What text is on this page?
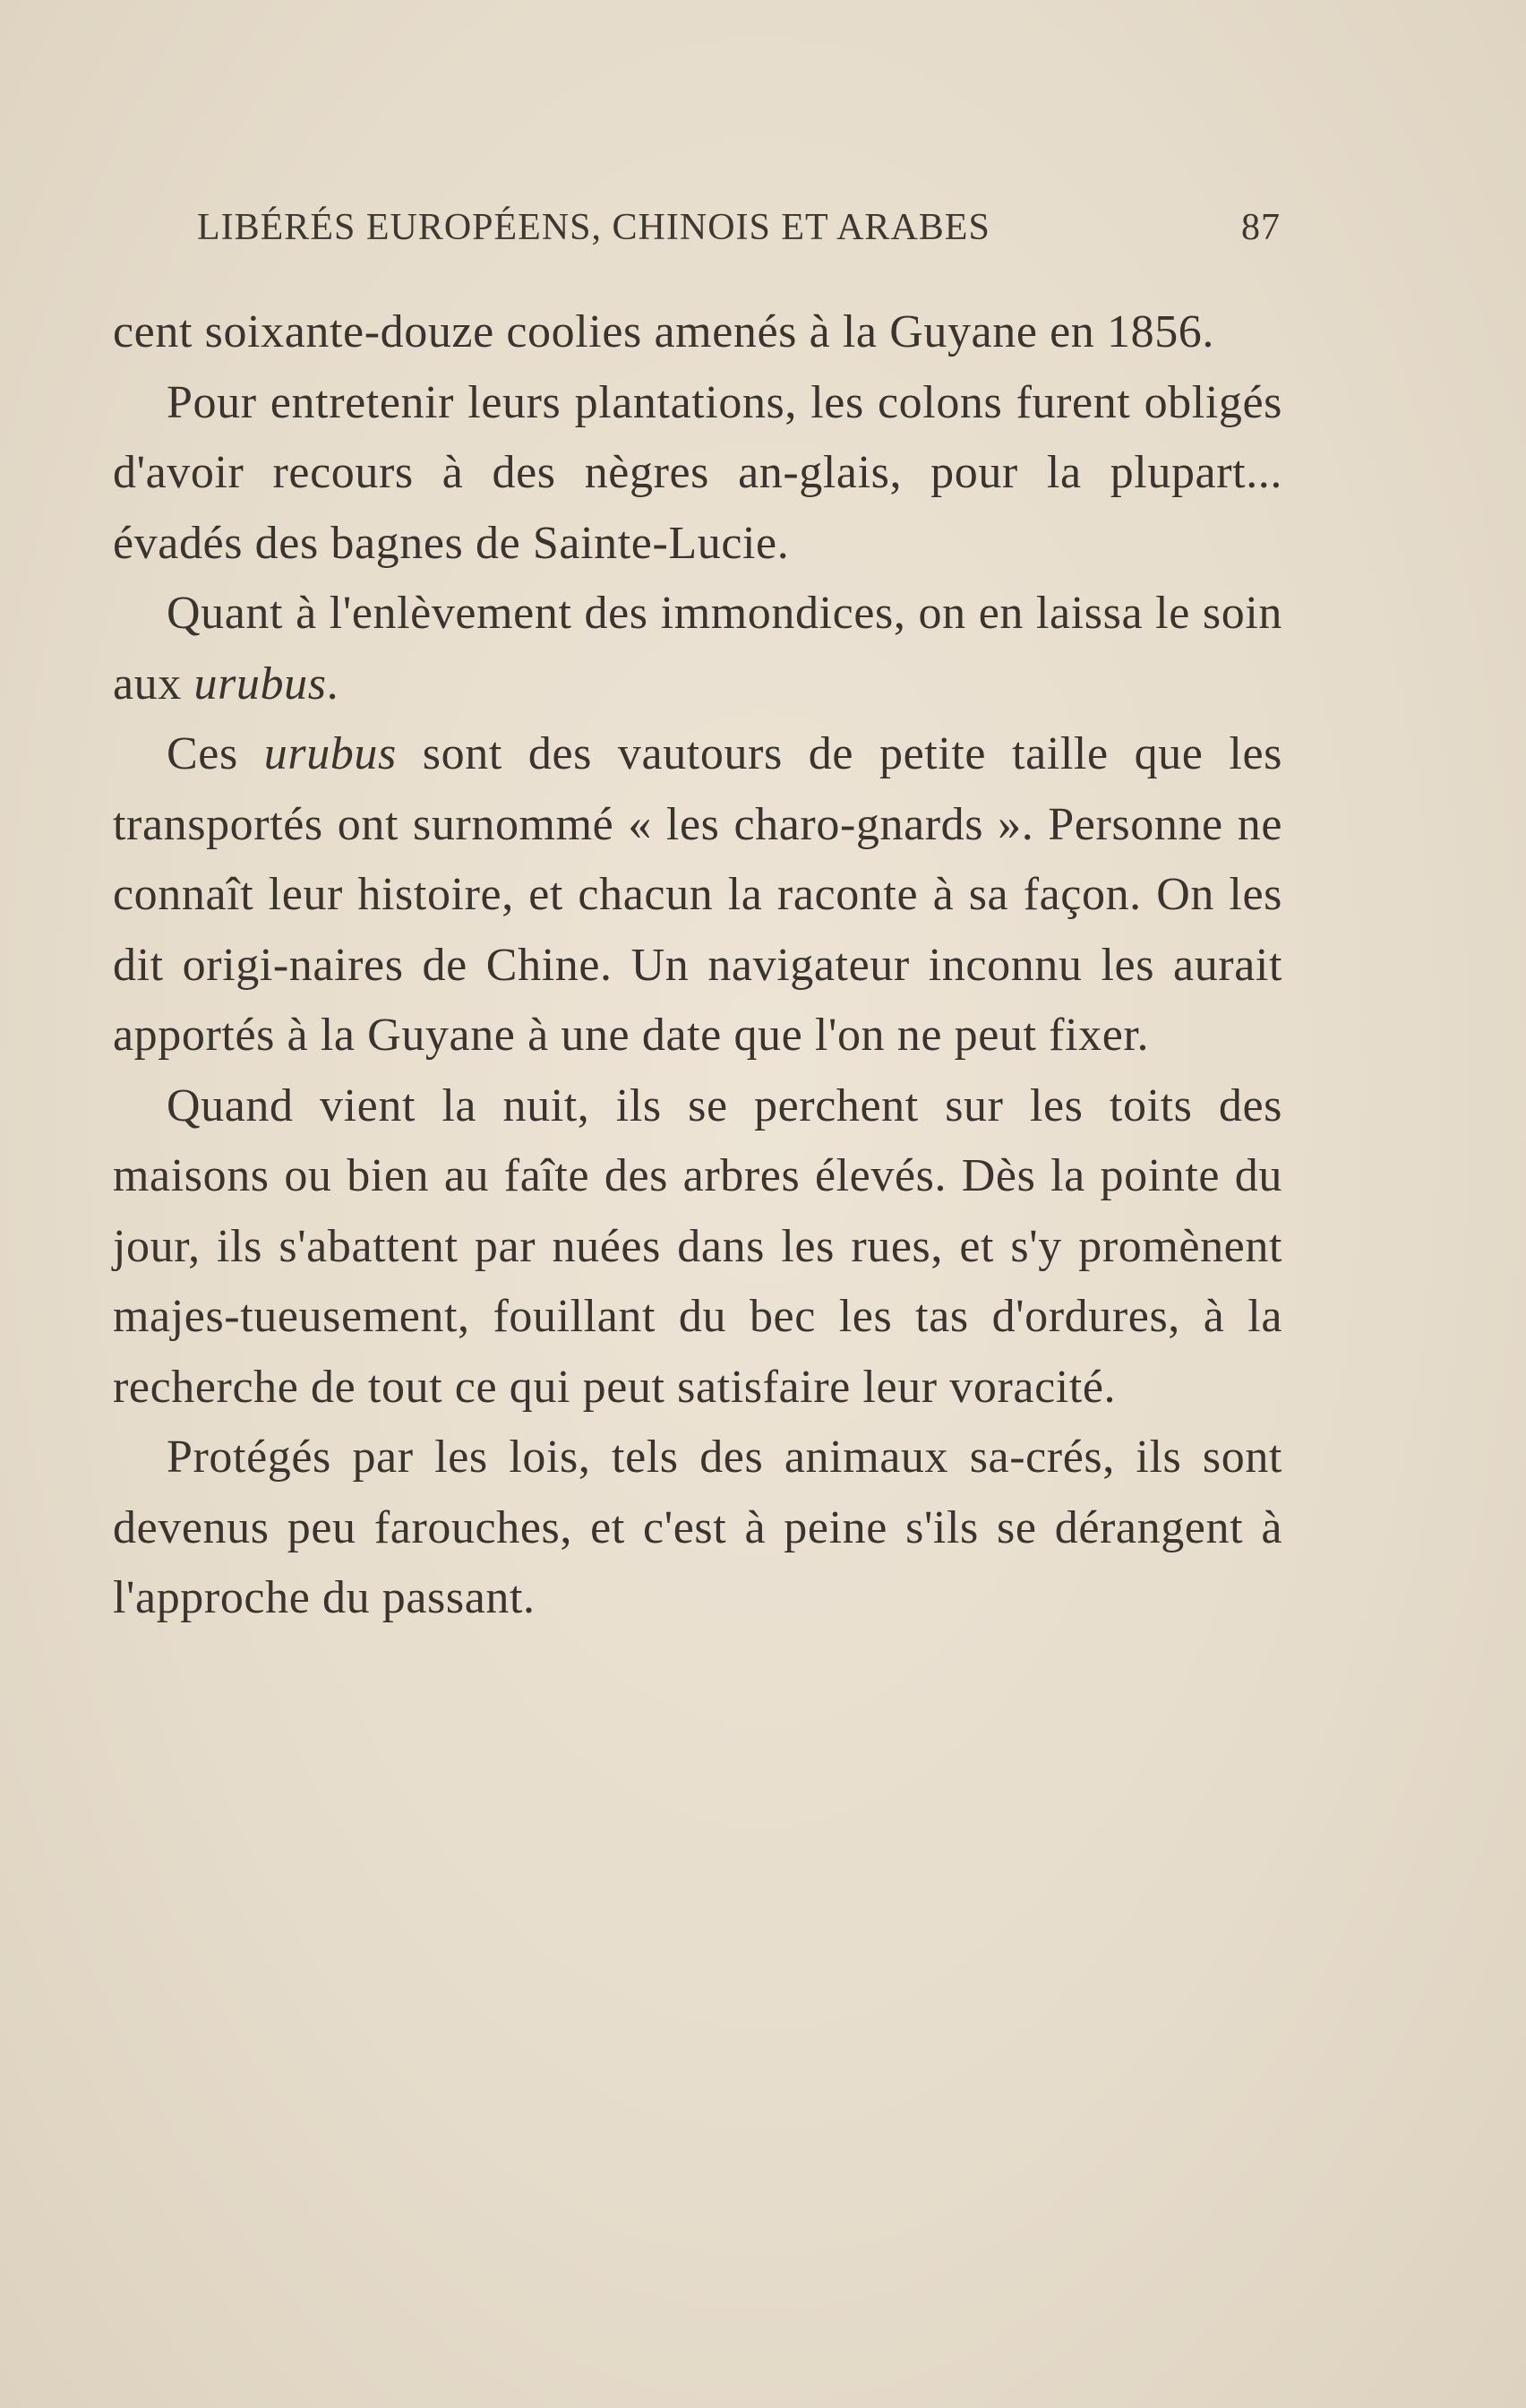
LIBÉRÉS EUROPÉENS, CHINOIS ET ARABES	87

cent soixante-douze coolies amenés à la Guyane en 1856.

Pour entretenir leurs plantations, les colons furent obligés d'avoir recours à des nègres an-glais, pour la plupart... évadés des bagnes de Sainte-Lucie.

Quant à l'enlèvement des immondices, on en laissa le soin aux urubus.

Ces urubus sont des vautours de petite taille que les transportés ont surnommé « les charo-gnards ». Personne ne connaît leur histoire, et chacun la raconte à sa façon. On les dit origi-naires de Chine. Un navigateur inconnu les aurait apportés à la Guyane à une date que l'on ne peut fixer.

Quand vient la nuit, ils se perchent sur les toits des maisons ou bien au faîte des arbres élevés. Dès la pointe du jour, ils s'abattent par nuées dans les rues, et s'y promènent majes-tueusement, fouillant du bec les tas d'ordures, à la recherche de tout ce qui peut satisfaire leur voracité.

Protégés par les lois, tels des animaux sa-crés, ils sont devenus peu farouches, et c'est à peine s'ils se dérangent à l'approche du passant.
